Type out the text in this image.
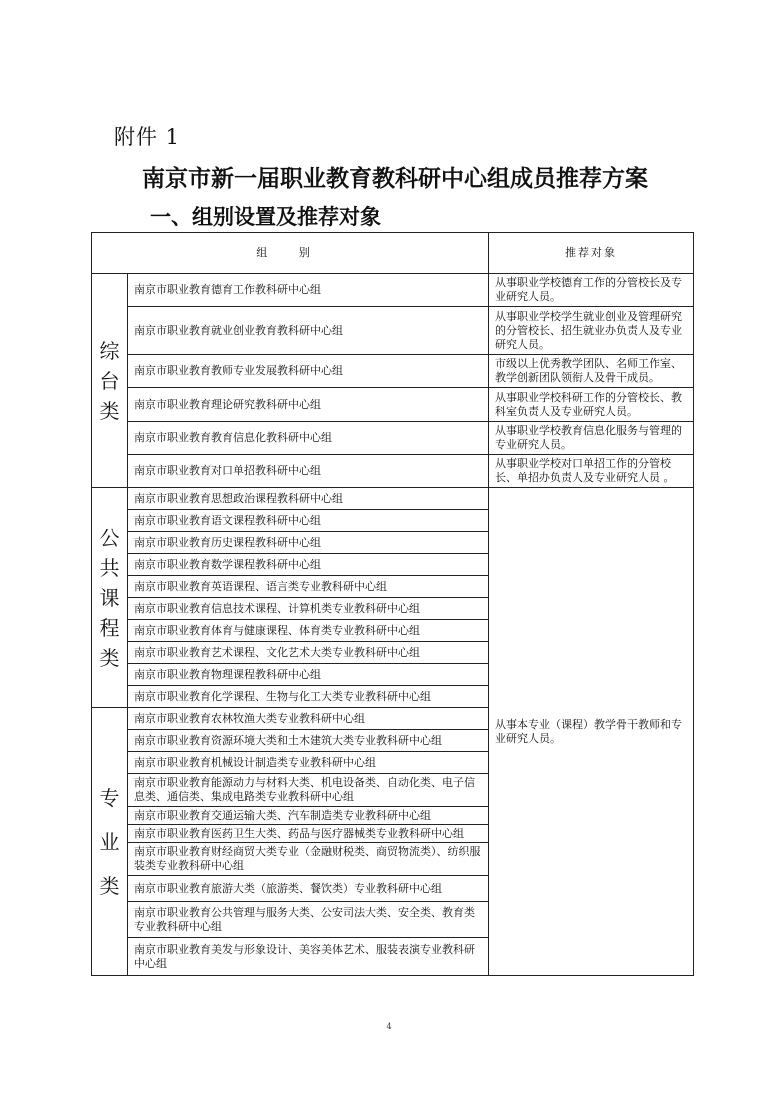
附件 1
南京市新一届职业教育教科研中心组成员推荐方案
一、组别设置及推荐对象
组 别		推荐对象
综台类	南京市职业教育德育工作教科研中心组	从事职业学校德育工作的分管校长及专业研究人员。
	南京市职业教育就业创业教育教科研中心组	从事职业学校学生就业创业及管理研究的分管校长、招生就业办负责人及专业研究人员。
	南京市职业教育教师专业发展教科研中心组	市级以上优秀教学团队、名师工作室、教学创新团队领衔人及骨干成员。
	南京市职业教育理论研究教科研中心组	从事职业学校科研工作的分管校长、教科室负责人及专业研究人员。
	南京市职业教育教育信息化教科研中心组	从事职业学校教育信息化服务与管理的专业研究人员。
	南京市职业教育对口单招教科研中心组	从事职业学校对口单招工作的分管校长、单招办负责人及专业研究人员 。
公共课程类	南京市职业教育思想政治课程教科研中心组	从事本专业（课程）教学骨干教师和专业研究人员。
	南京市职业教育语文课程教科研中心组	
	南京市职业教育历史课程教科研中心组	
	南京市职业教育数学课程教科研中心组	
	南京市职业教育英语课程、语言类专业教科研中心组	
	南京市职业教育信息技术课程、计算机类专业教科研中心组	
	南京市职业教育体育与健康课程、体育类专业教科研中心组	
	南京市职业教育艺术课程、文化艺术大类专业教科研中心组	
	南京市职业教育物理课程教科研中心组	
	南京市职业教育化学课程、生物与化工大类专业教科研中心组	
专业类	南京市职业教育农林牧渔大类专业教科研中心组	
	南京市职业教育资源环境大类和土木建筑大类专业教科研中心组	
	南京市职业教育机械设计制造类专业教科研中心组	
	南京市职业教育能源动力与材料大类、机电设备类、自动化类、电子信息类、通信类、集成电路类专业教科研中心组	
	南京市职业教育交通运输大类、汽车制造类专业教科研中心组	
	南京市职业教育医药卫生大类、药品与医疗器械类专业教科研中心组	
	南京市职业教育财经商贸大类专业（金融财税类、商贸物流类）、纺织服装类专业教科研中心组	
	南京市职业教育旅游大类（旅游类、餐饮类）专业教科研中心组	
	南京市职业教育公共管理与服务大类、公安司法大类、安全类、教育类专业教科研中心组	
	南京市职业教育美发与形象设计、美容美体艺术、服装表演专业教科研中心组	
4
